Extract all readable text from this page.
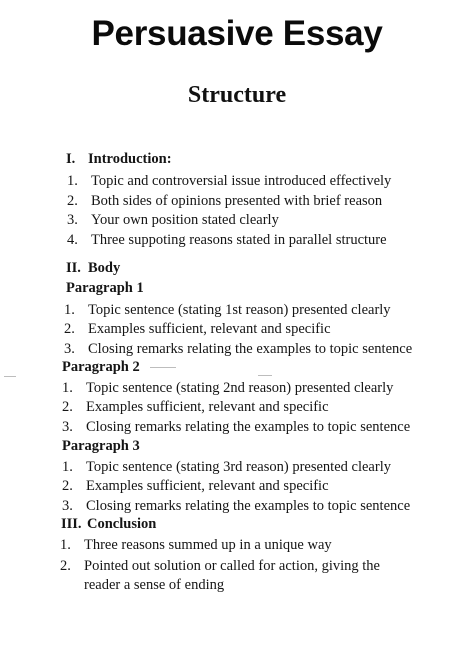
Persuasive Essay
Structure
I. Introduction:
1. Topic and controversial issue introduced effectively
2. Both sides of opinions presented with brief reason
3. Your own position stated clearly
4. Three suppoting reasons stated in parallel structure
II. Body
Paragraph 1
1. Topic sentence (stating 1st reason) presented clearly
2. Examples sufficient, relevant and specific
3. Closing remarks relating the examples to topic sentence
Paragraph 2
1. Topic sentence (stating 2nd reason) presented clearly
2. Examples sufficient, relevant and specific
3. Closing remarks relating the examples to topic sentence
Paragraph 3
1. Topic sentence (stating 3rd reason) presented clearly
2. Examples sufficient, relevant and specific
3. Closing remarks relating the examples to topic sentence
III. Conclusion
1. Three reasons summed up in a unique way
2. Pointed out solution or called for action, giving the
reader a sense of ending
